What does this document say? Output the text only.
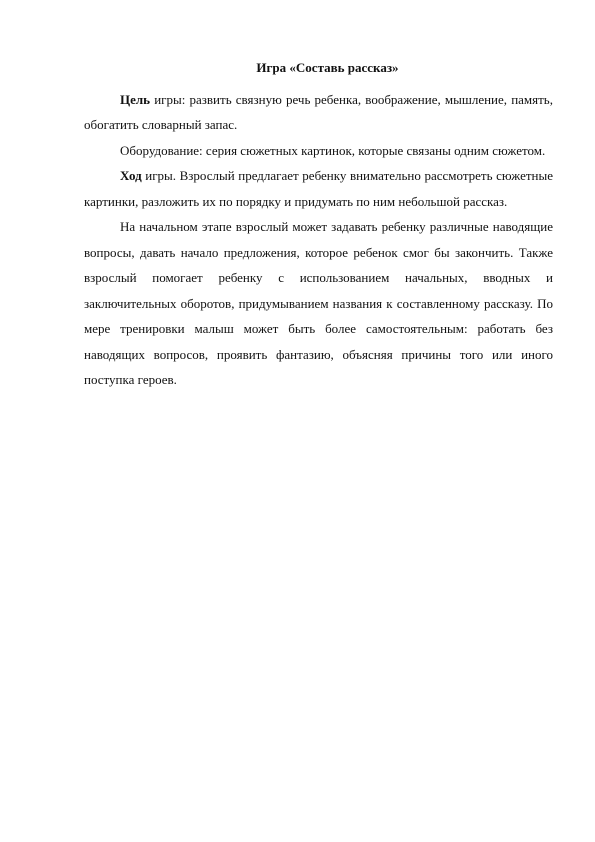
Игра «Составь рассказ»

Цель игры: развить связную речь ребенка, воображение, мышление, память, обогатить словарный запас.

Оборудование: серия сюжетных картинок, которые связаны одним сюжетом.

Ход игры. Взрослый предлагает ребенку внимательно рассмотреть сюжетные картинки, разложить их по порядку и придумать по ним небольшой рассказ.

На начальном этапе взрослый может задавать ребенку различные наводящие вопросы, давать начало предложения, которое ребенок смог бы закончить. Также взрослый помогает ребенку с использованием начальных, вводных и заключительных оборотов, придумыванием названия к составленному рассказу. По мере тренировки малыш может быть более самостоятельным: работать без наводящих вопросов, проявить фантазию, объясняя причины того или иного поступка героев.
